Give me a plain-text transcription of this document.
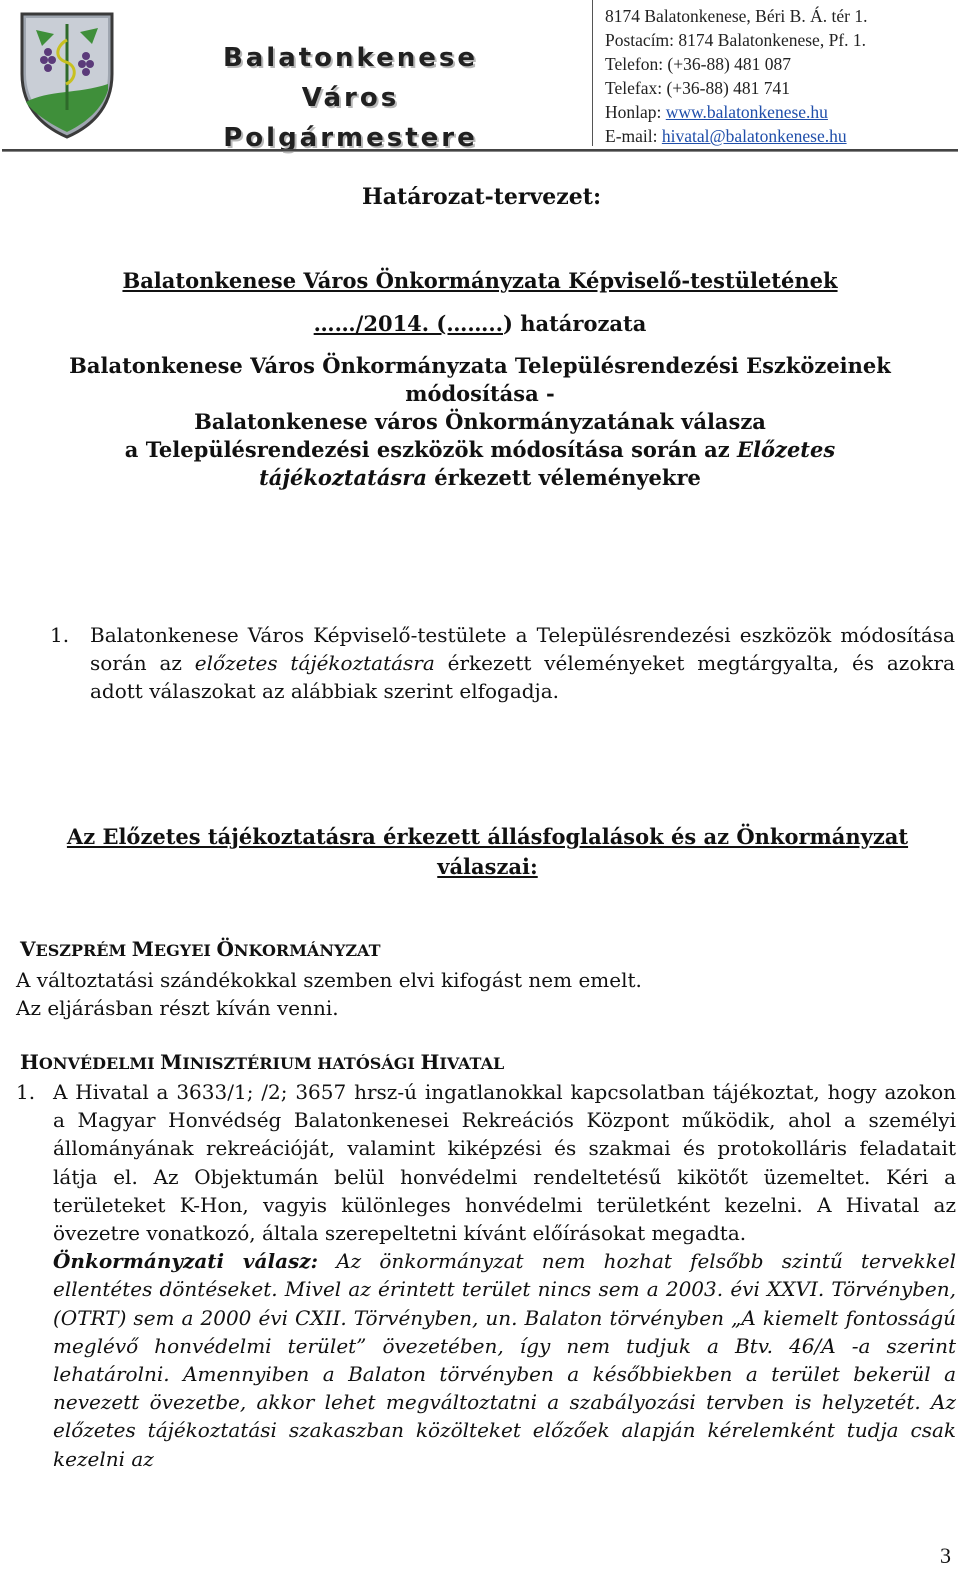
Balatonkenese Város
Polgármestere
8174 Balatonkenese, Béri B. Á. tér 1.
Postacím: 8174 Balatonkenese, Pf. 1.
Telefon: (+36-88) 481 087
Telefax: (+36-88) 481 741
Honlap: www.balatonkenese.hu
E-mail: hivatal@balatonkenese.hu
Határozat-tervezet:
Balatonkenese Város Önkormányzata Képviselő-testületének
……/2014. (……..) határozata
Balatonkenese Város Önkormányzata Településrendezési Eszközeinek
módosítása -
Balatonkenese város Önkormányzatának válasza
a Településrendezési eszközök módosítása során az Előzetes
tájékoztatásra érkezett véleményekre
1.	Balatonkenese Város Képviselő-testülete a Településrendezési eszközök módosítása során az előzetes tájékoztatásra érkezett véleményeket megtárgyalta, és azokra adott válaszokat az alábbiak szerint elfogadja.
Az Előzetes tájékoztatásra érkezett állásfoglalások és az Önkormányzat válaszai:
VESZPRÉM MEGYEI ÖNKORMÁNYZAT
A változtatási szándékokkal szemben elvi kifogást nem emelt.
Az eljárásban részt kíván venni.
HONVÉDELMI MINISZTÉRIUM HATÓSÁGI HIVATAL
1. A Hivatal a 3633/1; /2; 3657 hrsz-ú ingatlanokkal kapcsolatban tájékoztat, hogy azokon a Magyar Honvédség Balatonkenesei Rekreációs Központ működik, ahol a személyi állományának rekreációját, valamint kiképzési és szakmai és protokolláris feladatait látja el. Az Objektumán belül honvédelmi rendeltetésű kikötőt üzemeltet. Kéri a területeket K-Hon, vagyis különleges honvédelmi területként kezelni. A Hivatal az övezetre vonatkozó, általa szerepeltetni kívánt előírásokat megadta.
Önkormányzati válasz: Az önkormányzat nem hozhat felsőbb szintű tervekkel ellentétes döntéseket. Mivel az érintett terület nincs sem a 2003. évi XXVI. Törvényben, (OTRT) sem a 2000 évi CXII. Törvényben, un. Balaton törvényben „A kiemelt fontosságú meglévő honvédelmi terület” övezetében, így nem tudjuk a Btv. 46/A -a szerint lehatárolni. Amennyiben a Balaton törvényben a későbbiekben a terület bekerül a nevezett övezetbe, akkor lehet megváltoztatni a szabályozási tervben is helyzetét. Az előzetes tájékoztatási szakaszban közölteket előzőek alapján kérelemként tudja csak kezelni az
3
